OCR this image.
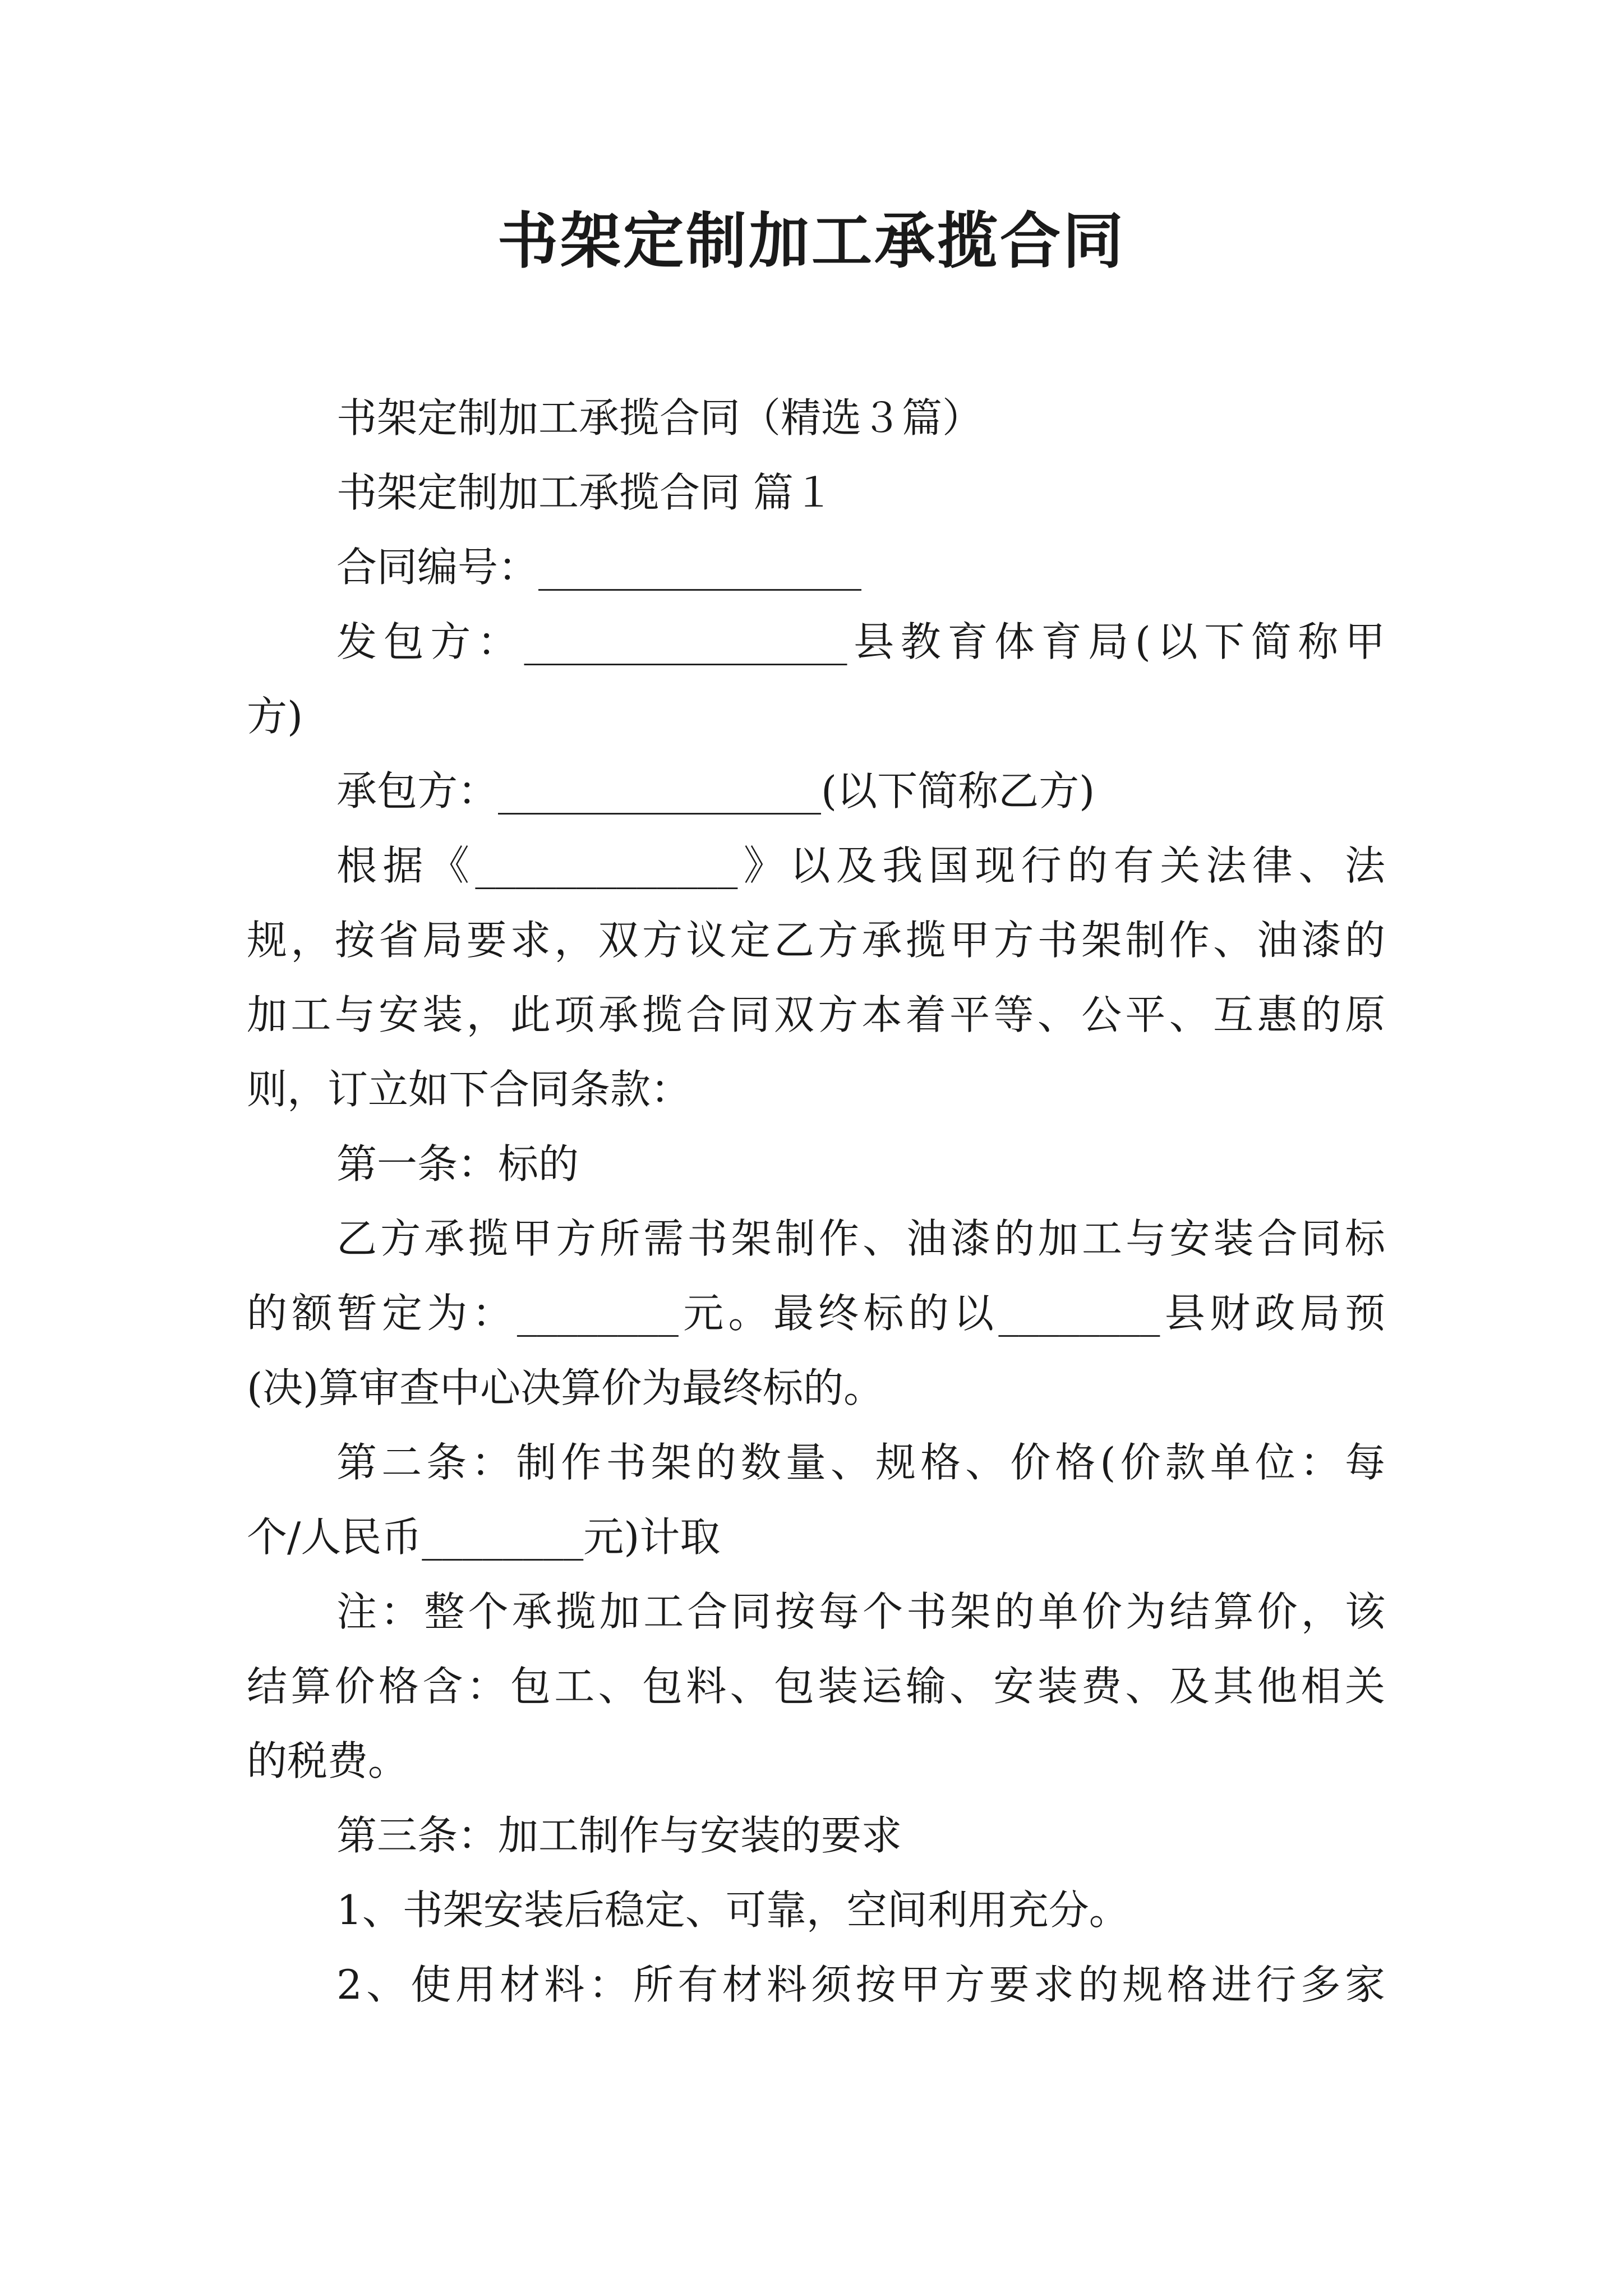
书架定制加工承揽合同
书架定制加工承揽合同（精选３篇）
书架定制加工承揽合同 篇１
合同编号：________________
发包方：________________县教育体育局(以下简称甲
方)
承包方：________________(以下简称乙方)
根据《_____________》以及我国现行的有关法律、法
规，按省局要求，双方议定乙方承揽甲方书架制作、油漆的
加工与安装，此项承揽合同双方本着平等、公平、互惠的原
则，订立如下合同条款：
第一条：标的
乙方承揽甲方所需书架制作、油漆的加工与安装合同标
的额暂定为：________元。最终标的以________县财政局预
(决)算审查中心决算价为最终标的。
第二条：制作书架的数量、规格、价格(价款单位：每
个/人民币________元)计取
注：整个承揽加工合同按每个书架的单价为结算价，该
结算价格含：包工、包料、包装运输、安装费、及其他相关
的税费。
第三条：加工制作与安装的要求
1、书架安装后稳定、可靠，空间利用充分。
2、使用材料：所有材料须按甲方要求的规格进行多家
